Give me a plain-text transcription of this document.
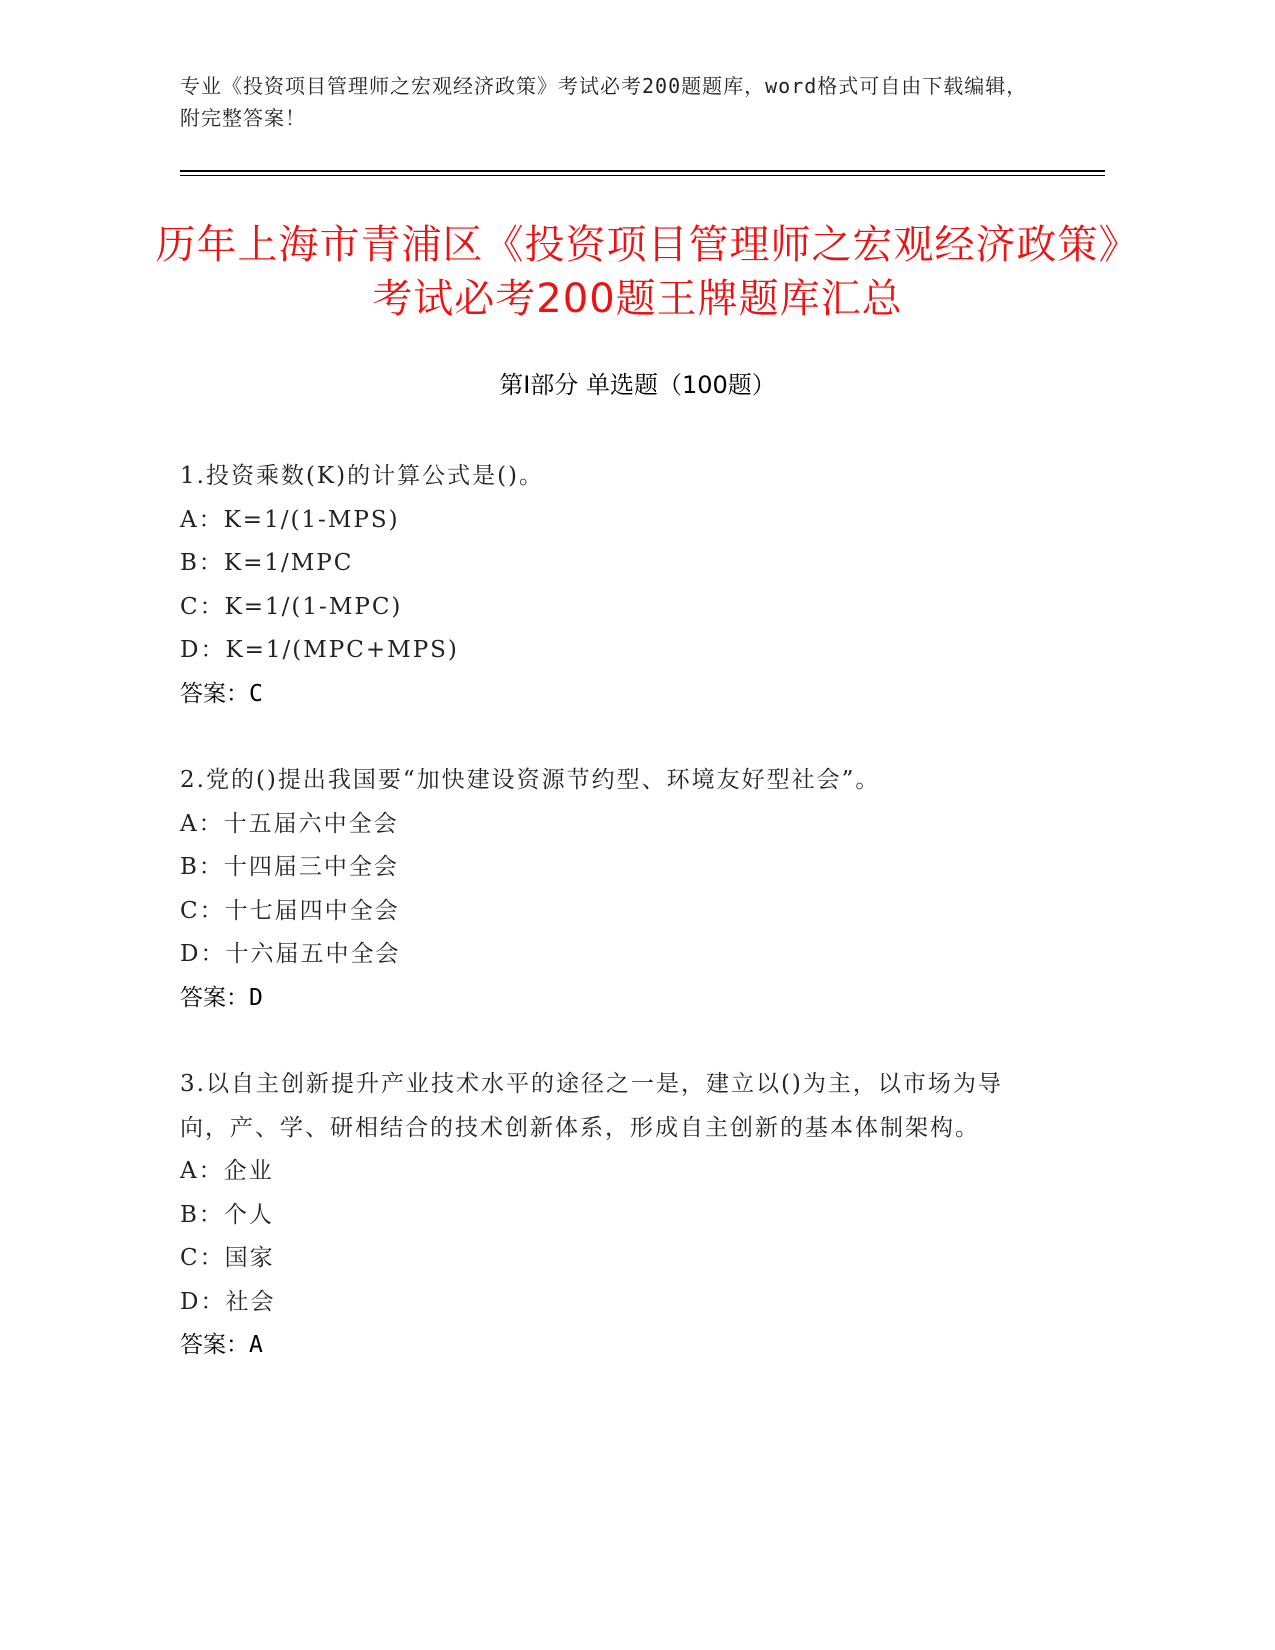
专业《投资项目管理师之宏观经济政策》考试必考200题题库，word格式可自由下载编辑，附完整答案！
历年上海市青浦区《投资项目管理师之宏观经济政策》考试必考200题王牌题库汇总
第Ⅰ部分 单选题（100题）
1.投资乘数(K)的计算公式是()。
A：K=1/(1-MPS)
B：K=1/MPC
C：K=1/(1-MPC)
D：K=1/(MPC+MPS)
答案：C
2.党的()提出我国要“加快建设资源节约型、环境友好型社会”。
A：十五届六中全会
B：十四届三中全会
C：十七届四中全会
D：十六届五中全会
答案：D
3.以自主创新提升产业技术水平的途径之一是，建立以()为主，以市场为导向，产、学、研相结合的技术创新体系，形成自主创新的基本体制架构。
A：企业
B：个人
C：国家
D：社会
答案：A
